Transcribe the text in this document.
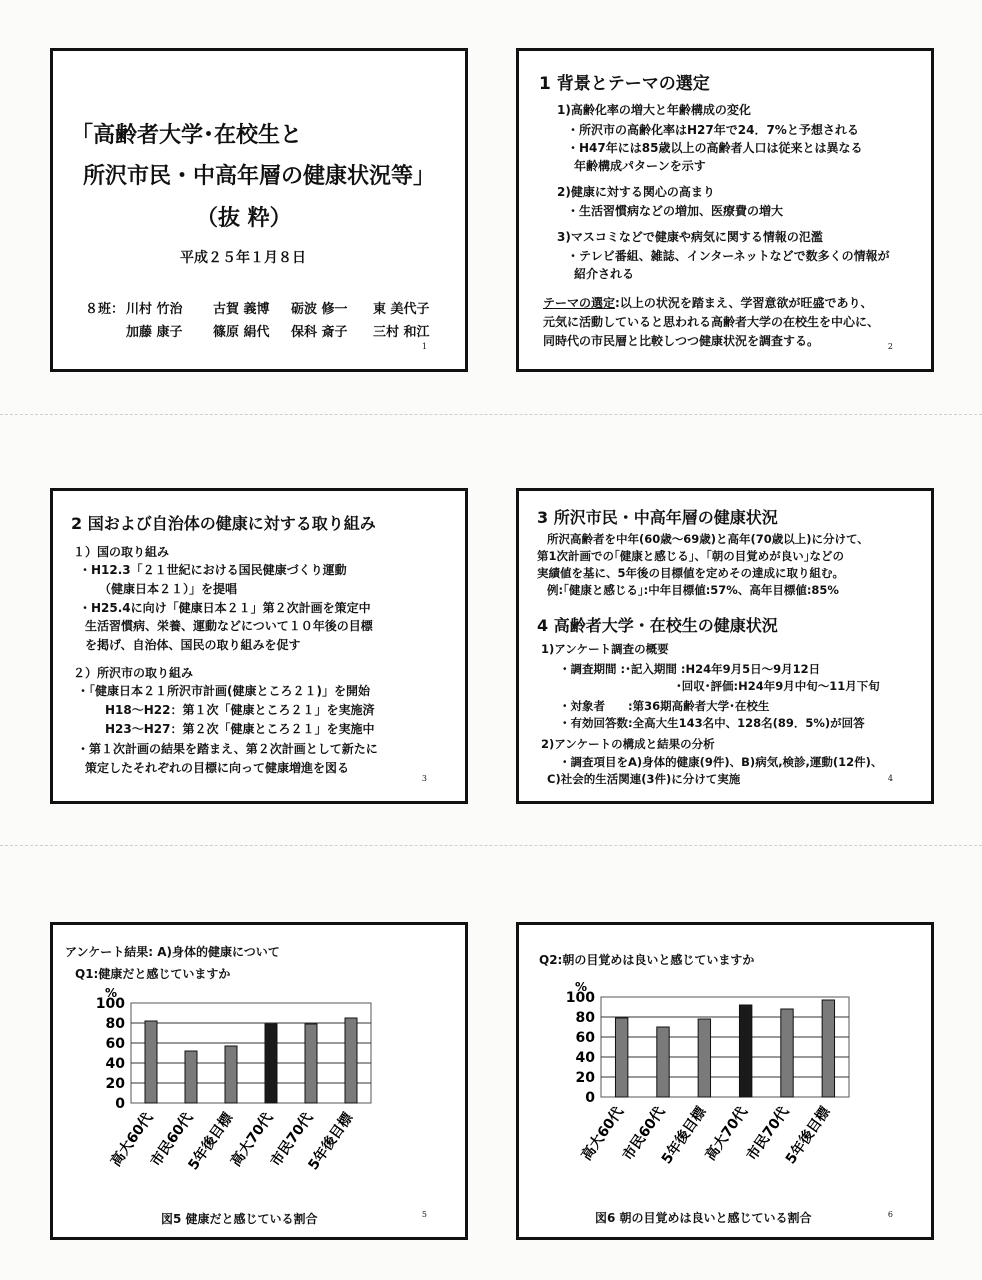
「高齢者大学･在校生と
所沢市民・中高年層の健康状況等」
（抜 粋）
平成２５年１月８日
８班： 川村 竹治 古賀 義博 砺波 修一 東 美代子
加藤 康子 篠原 絹代 保科 斎子 三村 和江
1
1 背景とテーマの選定
1)高齢化率の増大と年齢構成の変化
・所沢市の高齢化率はH27年で24．7%と予想される
・H47年には85歳以上の高齢者人口は従来とは異なる
年齢構成パターンを示す
2)健康に対する関心の高まり
・生活習慣病などの増加、医療費の増大
3)マスコミなどで健康や病気に関する情報の氾濫
・テレビ番組、雑誌、インターネットなどで数多くの情報が
紹介される
テーマの選定:以上の状況を踏まえ、学習意欲が旺盛であり、
元気に活動していると思われる高齢者大学の在校生を中心に、
同時代の市民層と比較しつつ健康状況を調査する。	2
2 国および自治体の健康に対する取り組み
１）国の取り組み
・H12.3「２１世紀における国民健康づくり運動
（健康日本２１）」を提唱
・H25.4に向け「健康日本２１」第２次計画を策定中
生活習慣病、栄養、運動などについて１０年後の目標
を掲げ、自治体、国民の取り組みを促す
２）所沢市の取り組み
・「健康日本２１所沢市計画(健康ところ２１)」を開始
H18〜H22：第１次「健康ところ２１」を実施済
H23〜H27：第２次「健康ところ２１」を実施中
・第１次計画の結果を踏まえ、第２次計画として新たに
策定したそれぞれの目標に向って健康増進を図る
3
3 所沢市民・中高年層の健康状況
所沢高齢者を中年(60歳〜69歳)と高年(70歳以上)に分けて、
第1次計画での｢健康と感じる｣、｢朝の目覚めが良い｣などの
実績値を基に、5年後の目標値を定めその達成に取り組む。
例:｢健康と感じる｣:中年目標値:57%、高年目標値:85%
4 高齢者大学・在校生の健康状況
1)アンケート調査の概要
・調査期間 :･記入期間 :H24年9月5日〜9月12日
･回収･評価:H24年9月中旬〜11月下旬
・対象者　　:第36期高齢者大学･在校生
・有効回答数:全高大生143名中、128名(89．5%)が回答
2)アンケートの構成と結果の分析
・調査項目をA)身体的健康(9件)、B)病気,検診,運動(12件)、
C)社会的生活関連(3件)に分けて実施	4
アンケート結果: A)身体的健康について
Q1:健康だと感じていますか
0
20
40
60
80
100
%
高大60代
市民60代
5年後目標
高大70代
市民70代
5年後目標
図5 健康だと感じている割合	5
Q2:朝の目覚めは良いと感じていますか
0
20
40
60
80
100
%
高大60代
市民60代
5年後目標
高大70代
市民70代
5年後目標
図6 朝の目覚めは良いと感じている割合	6
